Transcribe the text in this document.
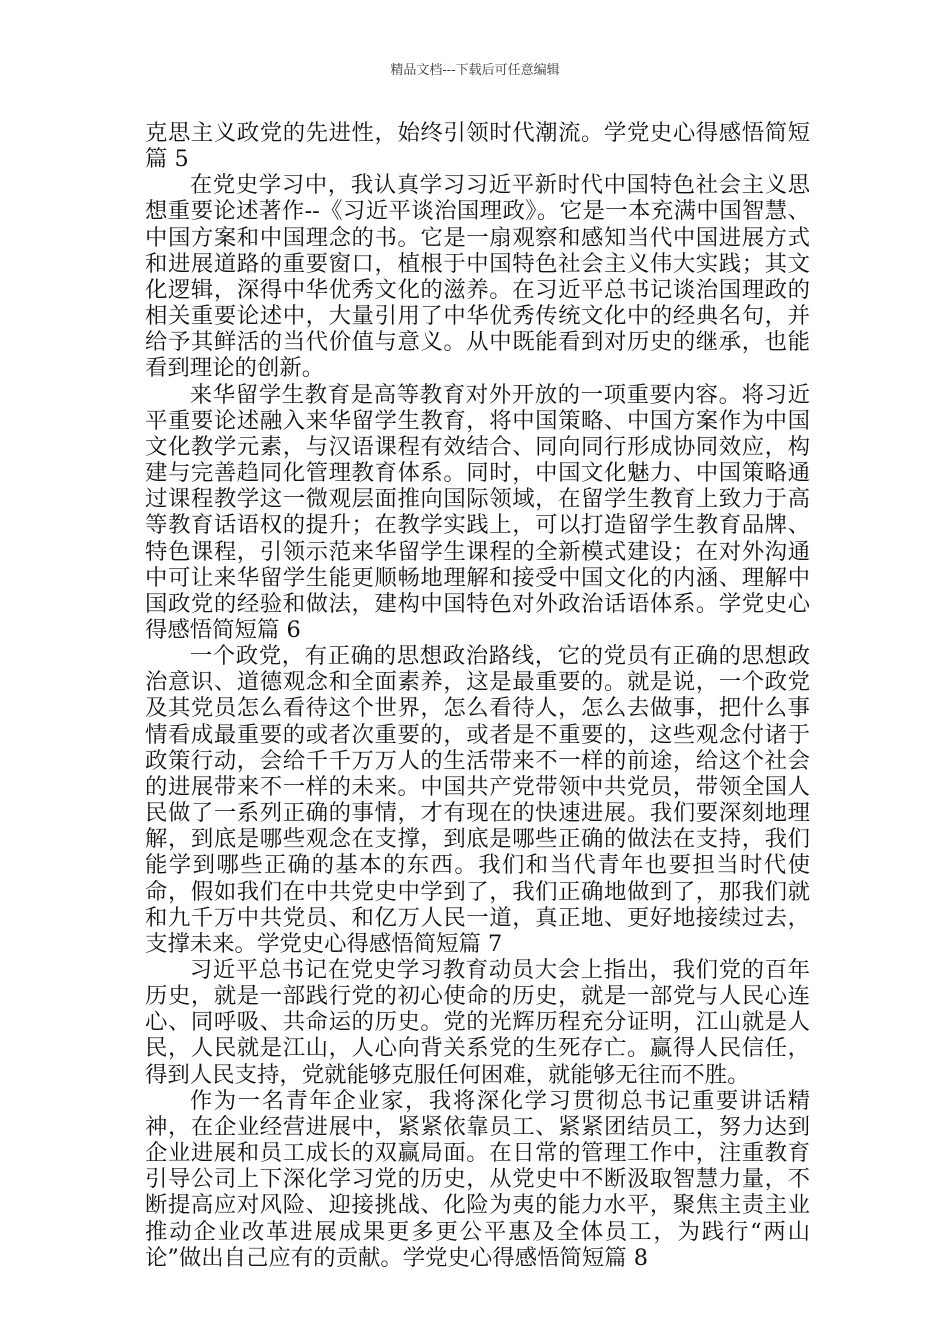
精品文档---下载后可任意编辑

克思主义政党的先进性，始终引领时代潮流。学党史心得感悟简短篇 5

在党史学习中，我认真学习习近平新时代中国特色社会主义思想重要论述著作--《习近平谈治国理政》。它是一本充满中国智慧、中国方案和中国理念的书。它是一扇观察和感知当代中国进展方式和进展道路的重要窗口，植根于中国特色社会主义伟大实践；其文化逻辑，深得中华优秀文化的滋养。在习近平总书记谈治国理政的相关重要论述中，大量引用了中华优秀传统文化中的经典名句，并给予其鲜活的当代价值与意义。从中既能看到对历史的继承，也能看到理论的创新。

来华留学生教育是高等教育对外开放的一项重要内容。将习近平重要论述融入来华留学生教育，将中国策略、中国方案作为中国文化教学元素，与汉语课程有效结合、同向同行形成协同效应，构建与完善趋同化管理教育体系。同时，中国文化魅力、中国策略通过课程教学这一微观层面推向国际领域，在留学生教育上致力于高等教育话语权的提升；在教学实践上，可以打造留学生教育品牌、特色课程，引领示范来华留学生课程的全新模式建设；在对外沟通中可让来华留学生能更顺畅地理解和接受中国文化的内涵、理解中国政党的经验和做法，建构中国特色对外政治话语体系。学党史心得感悟简短篇 6

一个政党，有正确的思想政治路线，它的党员有正确的思想政治意识、道德观念和全面素养，这是最重要的。就是说，一个政党及其党员怎么看待这个世界，怎么看待人，怎么去做事，把什么事情看成最重要的或者次重要的，或者是不重要的，这些观念付诸于政策行动，会给千千万万人的生活带来不一样的前途，给这个社会的进展带来不一样的未来。中国共产党带领中共党员，带领全国人民做了一系列正确的事情，才有现在的快速进展。我们要深刻地理解，到底是哪些观念在支撑，到底是哪些正确的做法在支持，我们能学到哪些正确的基本的东西。我们和当代青年也要担当时代使命，假如我们在中共党史中学到了，我们正确地做到了，那我们就和九千万中共党员、和亿万人民一道，真正地、更好地接续过去，支撑未来。学党史心得感悟简短篇 7

习近平总书记在党史学习教育动员大会上指出，我们党的百年历史，就是一部践行党的初心使命的历史，就是一部党与人民心连心、同呼吸、共命运的历史。党的光辉历程充分证明，江山就是人民，人民就是江山，人心向背关系党的生死存亡。赢得人民信任，得到人民支持，党就能够克服任何困难，就能够无往而不胜。

作为一名青年企业家，我将深化学习贯彻总书记重要讲话精神，在企业经营进展中，紧紧依靠员工、紧紧团结员工，努力达到企业进展和员工成长的双赢局面。在日常的管理工作中，注重教育引导公司上下深化学习党的历史，从党史中不断汲取智慧力量，不断提高应对风险、迎接挑战、化险为夷的能力水平，聚焦主责主业推动企业改革进展成果更多更公平惠及全体员工，为践行“两山论”做出自己应有的贡献。学党史心得感悟简短篇 8
